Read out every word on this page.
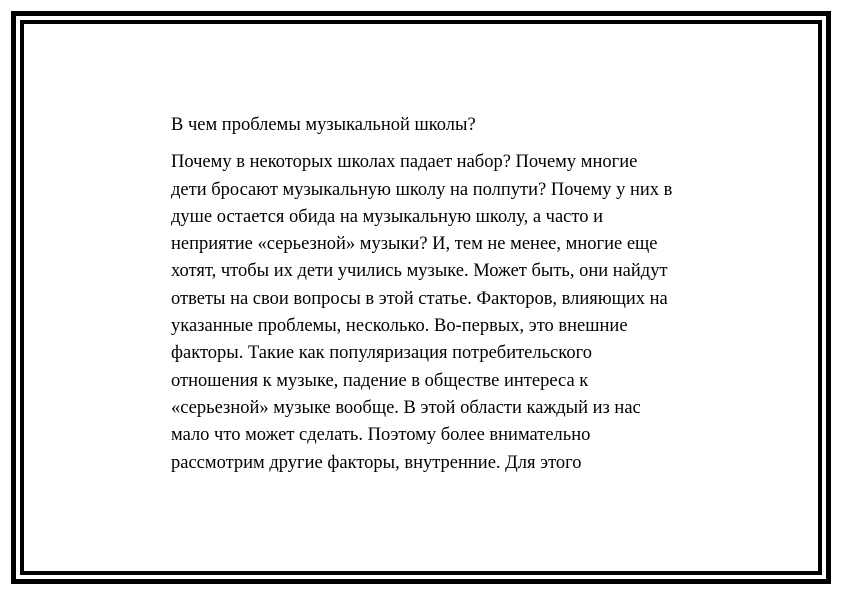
В чем проблемы музыкальной школы?
Почему в некоторых школах падает набор? Почему многие
дети бросают музыкальную школу на полпути? Почему у них в
душе остается обида на музыкальную школу, а часто и
неприятие «серьезной» музыки? И, тем не менее, многие еще
хотят, чтобы их дети учились музыке. Может быть, они найдут
ответы на свои вопросы в этой статье. Факторов, влияющих на
указанные проблемы, несколько. Во-первых, это внешние
факторы. Такие как популяризация потребительского
отношения к музыке, падение в обществе интереса к
«серьезной» музыке вообще. В этой области каждый из нас
мало что может сделать. Поэтому более внимательно
рассмотрим другие факторы, внутренние. Для этого
